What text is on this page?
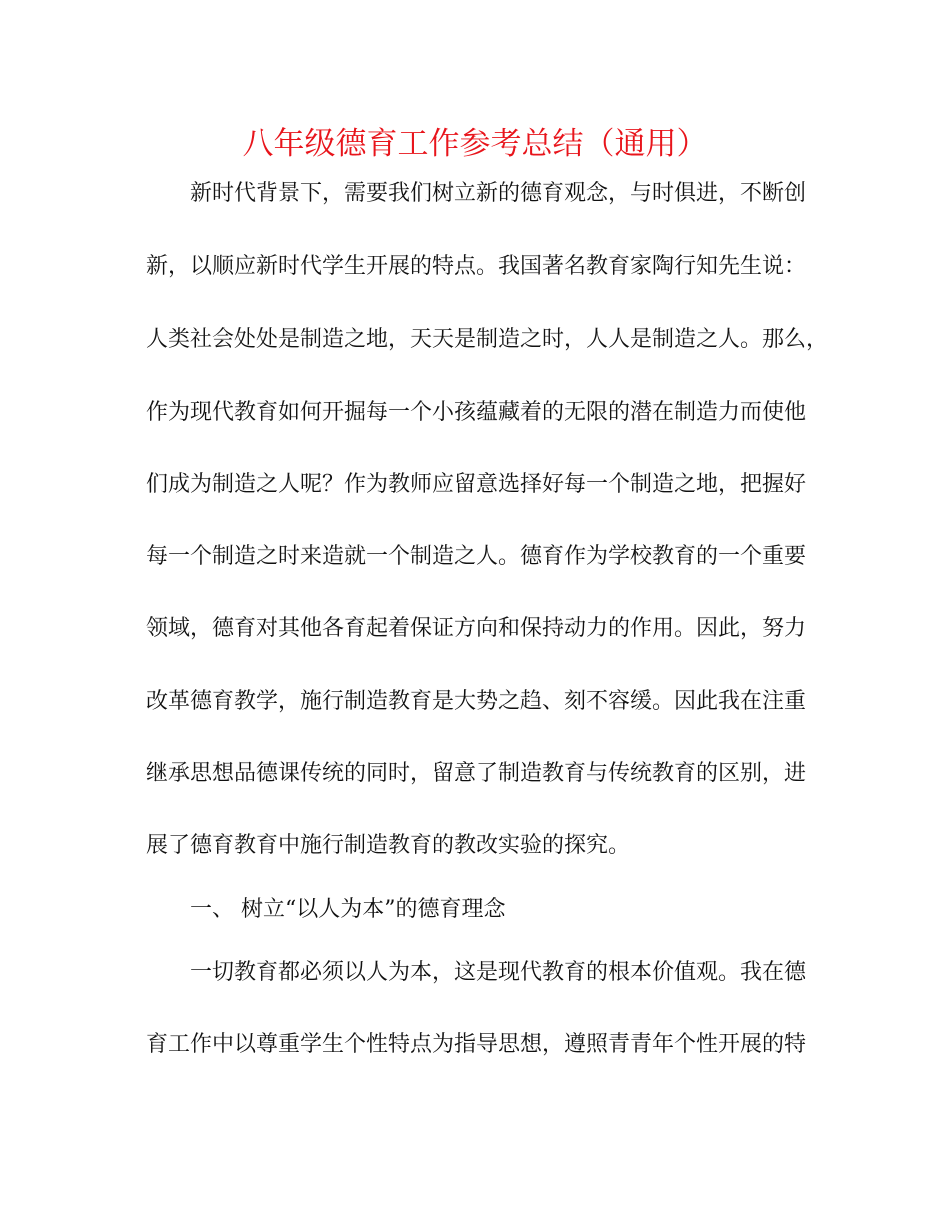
八年级德育工作参考总结（通用）
新时代背景下，需要我们树立新的德育观念，与时俱进，不断创
新，以顺应新时代学生开展的特点。我国著名教育家陶行知先生说：
人类社会处处是制造之地，天天是制造之时，人人是制造之人。那么，
作为现代教育如何开掘每一个小孩蕴藏着的无限的潜在制造力而使他
们成为制造之人呢？作为教师应留意选择好每一个制造之地，把握好
每一个制造之时来造就一个制造之人。德育作为学校教育的一个重要
领域，德育对其他各育起着保证方向和保持动力的作用。因此，努力
改革德育教学，施行制造教育是大势之趋、刻不容缓。因此我在注重
继承思想品德课传统的同时，留意了制造教育与传统教育的区别，进
展了德育教育中施行制造教育的教改实验的探究。
一、 树立“以人为本”的德育理念
一切教育都必须以人为本，这是现代教育的根本价值观。我在德
育工作中以尊重学生个性特点为指导思想，遵照青青年个性开展的特
